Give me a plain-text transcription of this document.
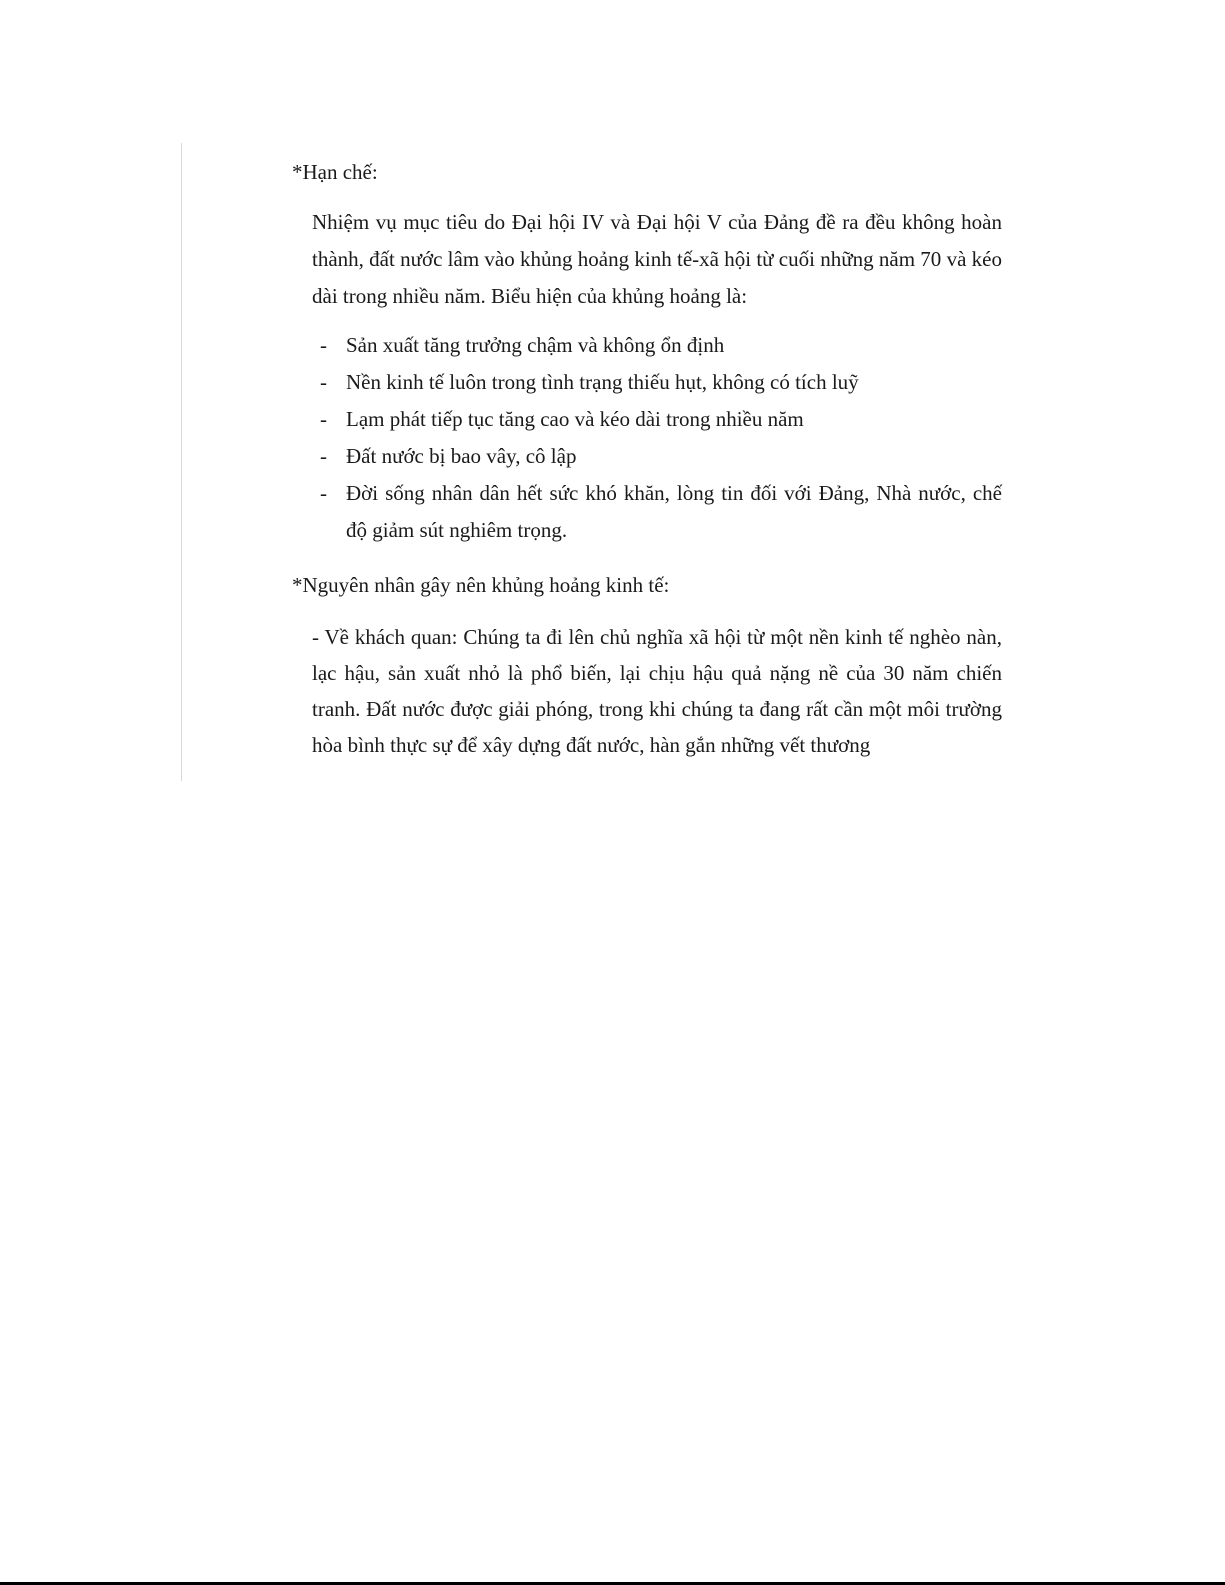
*Hạn chế:

Nhiệm vụ mục tiêu do Đại hội IV và Đại hội V của Đảng đề ra đều không hoàn thành, đất nước lâm vào khủng hoảng kinh tế-xã hội từ cuối những năm 70 và kéo dài trong nhiều năm. Biểu hiện của khủng hoảng là:

- Sản xuất tăng trưởng chậm và không ổn định
- Nền kinh tế luôn trong tình trạng thiếu hụt, không có tích luỹ
- Lạm phát tiếp tục tăng cao và kéo dài trong nhiều năm
- Đất nước bị bao vây, cô lập
- Đời sống nhân dân hết sức khó khăn, lòng tin đối với Đảng, Nhà nước, chế độ giảm sút nghiêm trọng.

*Nguyên nhân gây nên khủng hoảng kinh tế:

- Về khách quan: Chúng ta đi lên chủ nghĩa xã hội từ một nền kinh tế nghèo nàn, lạc hậu, sản xuất nhỏ là phổ biến, lại chịu hậu quả nặng nề của 30 năm chiến tranh. Đất nước được giải phóng, trong khi chúng ta đang rất cần một môi trường hòa bình thực sự để xây dựng đất nước, hàn gắn những vết thương
